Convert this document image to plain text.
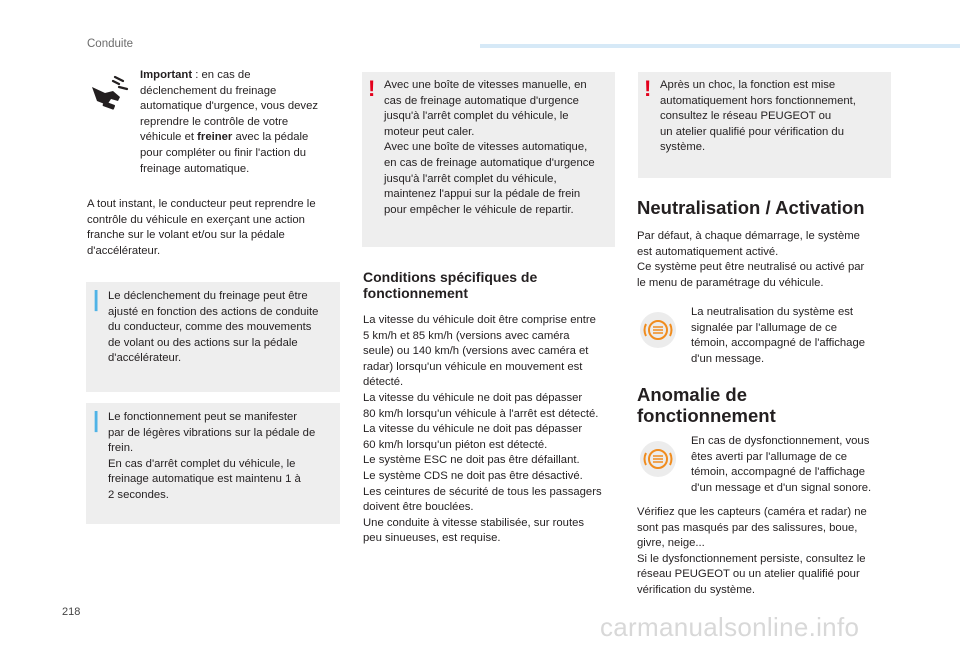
Conduite
Important : en cas de
déclenchement du freinage
automatique d'urgence, vous devez
reprendre le contrôle de votre
véhicule et freiner avec la pédale
pour compléter ou finir l'action du
freinage automatique.
A tout instant, le conducteur peut reprendre le
contrôle du véhicule en exerçant une action
franche sur le volant et/ou sur la pédale
d'accélérateur.
| Le déclenchement du freinage peut être
ajusté en fonction des actions de conduite
du conducteur, comme des mouvements
de volant ou des actions sur la pédale
d'accélérateur.
| Le fonctionnement peut se manifester
par de légères vibrations sur la pédale de
frein.
En cas d'arrêt complet du véhicule, le
freinage automatique est maintenu 1 à
2 secondes.
! Avec une boîte de vitesses manuelle, en
cas de freinage automatique d'urgence
jusqu'à l'arrêt complet du véhicule, le
moteur peut caler.
Avec une boîte de vitesses automatique,
en cas de freinage automatique d'urgence
jusqu'à l'arrêt complet du véhicule,
maintenez l'appui sur la pédale de frein
pour empêcher le véhicule de repartir.
Conditions spécifiques de
fonctionnement
La vitesse du véhicule doit être comprise entre
5 km/h et 85 km/h (versions avec caméra
seule) ou 140 km/h (versions avec caméra et
radar) lorsqu'un véhicule en mouvement est
détecté.
La vitesse du véhicule ne doit pas dépasser
80 km/h lorsqu'un véhicule à l'arrêt est détecté.
La vitesse du véhicule ne doit pas dépasser
60 km/h lorsqu'un piéton est détecté.
Le système ESC ne doit pas être défaillant.
Le système CDS ne doit pas être désactivé.
Les ceintures de sécurité de tous les passagers
doivent être bouclées.
Une conduite à vitesse stabilisée, sur routes
peu sinueuses, est requise.
! Après un choc, la fonction est mise
automatiquement hors fonctionnement,
consultez le réseau PEUGEOT ou
un atelier qualifié pour vérification du
système.
Neutralisation / Activation
Par défaut, à chaque démarrage, le système
est automatiquement activé.
Ce système peut être neutralisé ou activé par
le menu de paramétrage du véhicule.
La neutralisation du système est
signalée par l'allumage de ce
témoin, accompagné de l'affichage
d'un message.
Anomalie de
fonctionnement
En cas de dysfonctionnement, vous
êtes averti par l'allumage de ce
témoin, accompagné de l'affichage
d'un message et d'un signal sonore.
Vérifiez que les capteurs (caméra et radar) ne
sont pas masqués par des salissures, boue,
givre, neige...
Si le dysfonctionnement persiste, consultez le
réseau PEUGEOT ou un atelier qualifié pour
vérification du système.
218	carmanualsonline.info
